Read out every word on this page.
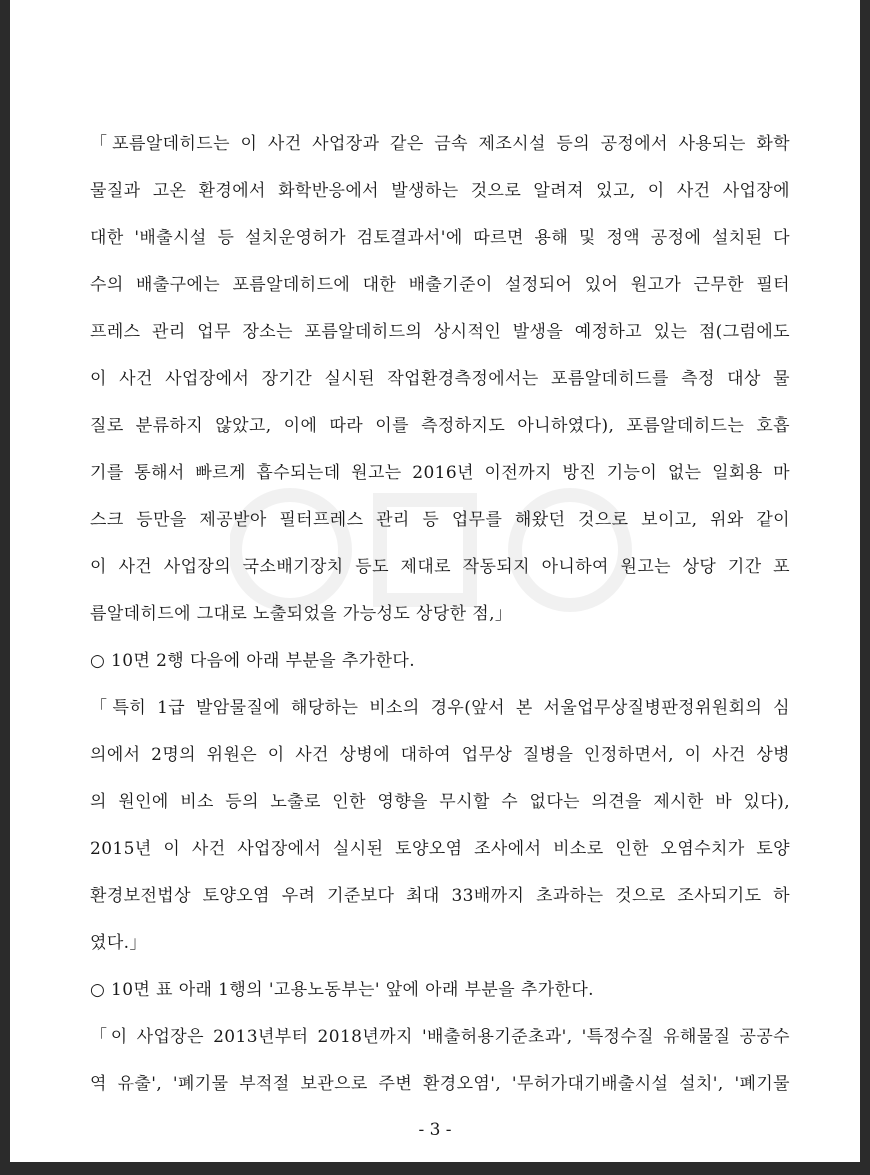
「포름알데히드는 이 사건 사업장과 같은 금속 제조시설 등의 공정에서 사용되는 화학
물질과 고온 환경에서 화학반응에서 발생하는 것으로 알려져 있고, 이 사건 사업장에
대한 '배출시설 등 설치운영허가 검토결과서'에 따르면 용해 및 정액 공정에 설치된 다
수의 배출구에는 포름알데히드에 대한 배출기준이 설정되어 있어 원고가 근무한 필터
프레스 관리 업무 장소는 포름알데히드의 상시적인 발생을 예정하고 있는 점(그럼에도
이 사건 사업장에서 장기간 실시된 작업환경측정에서는 포름알데히드를 측정 대상 물
질로 분류하지 않았고, 이에 따라 이를 측정하지도 아니하였다), 포름알데히드는 호흡
기를 통해서 빠르게 흡수되는데 원고는 2016년 이전까지 방진 기능이 없는 일회용 마
스크 등만을 제공받아 필터프레스 관리 등 업무를 해왔던 것으로 보이고, 위와 같이
이 사건 사업장의 국소배기장치 등도 제대로 작동되지 아니하여 원고는 상당 기간 포
름알데히드에 그대로 노출되었을 가능성도 상당한 점,」
○ 10면 2행 다음에 아래 부분을 추가한다.
「특히 1급 발암물질에 해당하는 비소의 경우(앞서 본 서울업무상질병판정위원회의 심
의에서 2명의 위원은 이 사건 상병에 대하여 업무상 질병을 인정하면서, 이 사건 상병
의 원인에 비소 등의 노출로 인한 영향을 무시할 수 없다는 의견을 제시한 바 있다),
2015년 이 사건 사업장에서 실시된 토양오염 조사에서 비소로 인한 오염수치가 토양
환경보전법상 토양오염 우려 기준보다 최대 33배까지 초과하는 것으로 조사되기도 하
였다.」
○ 10면 표 아래 1행의 '고용노동부는' 앞에 아래 부분을 추가한다.
「이 사업장은 2013년부터 2018년까지 '배출허용기준초과', '특정수질 유해물질 공공수
역 유출', '폐기물 부적절 보관으로 주변 환경오염', '무허가대기배출시설 설치', '폐기물
- 3 -
